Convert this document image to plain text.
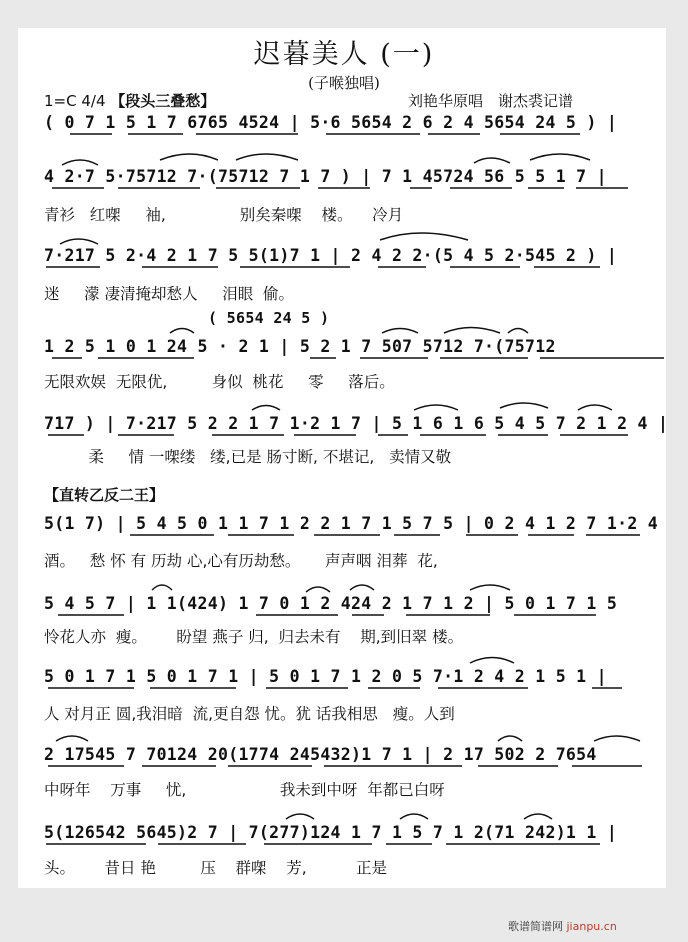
迟暮美人 (一)
(子喉独唱)
1=C 4/4 【段头三叠愁】	刘艳华原唱　谢杰裘记谱
( 0 7 1 5 1 7 6765 4524 | 5·6 5654 2 6 2 4 5654 24 5 ) |
4 2·7 5·75712 7·(75712 7 1 7 ) | 7 1 45724 56 5 5 1 7 |
青衫   红㗎     袖,               别矣秦㗎    楼。    冷月
7·217 5 2·4 2 1 7 5 5(1)7 1 | 2 4 2 2·(5 4 5 2·545 2 ) |
迷     濛 凄清掩却愁人     泪眼  偷。
( 5654 24 5 )
1 2 5 1 0 1 24 5 · 2 1 | 5 2 1 7 507 5712 7·(75712
无限欢娱  无限优,         身似  桃花     零     落后。
717 ) | 7·217 5 2 2 1 7 1·2 1 7 | 5 1 6 1 6 5 4 5 7 2 1 2 4 |
柔     情 一㗎缕   缕,已是 肠寸断, 不堪记,   卖情又敬
【直转乙反二王】
5(1 7) | 5 4 5 0 1 1 7 1 2 2 1 7 1 5 7 5 | 0 2 4 1 2 7 1·2 4
酒。   愁 怀 有 历劫 心,心有历劫愁。     声声咽 泪葬  花,
5 4 5 7 | 1 1(424) 1 7 0 1 2 424 2 1 7 1 2 | 5 0 1 7 1 5
怜花人亦  瘦。      盼望 燕子 归,  归去未有    期,到旧翠 楼。
5 0 1 7 1 5 0 1 7 1 | 5 0 1 7 1 2 0 5 7·1 2 4 2 1 5 1 |
人 对月正 圆,我泪暗  流,更自怨 忧。犹 话我相思   瘦。人到
2 17545 7 70124 20(1774 245432)1 7 1 | 2 17 502 2 7654
中呀年    万事     忧,                   我未到中呀  年都已白呀
5(126542 5645)2 7 | 7(277)124 1 7 1 5 7 1 2(71 242)1 1 |
头。      昔日 艳         压    群㗎    芳,          正是
歌谱简谱网 jianpu.cn
